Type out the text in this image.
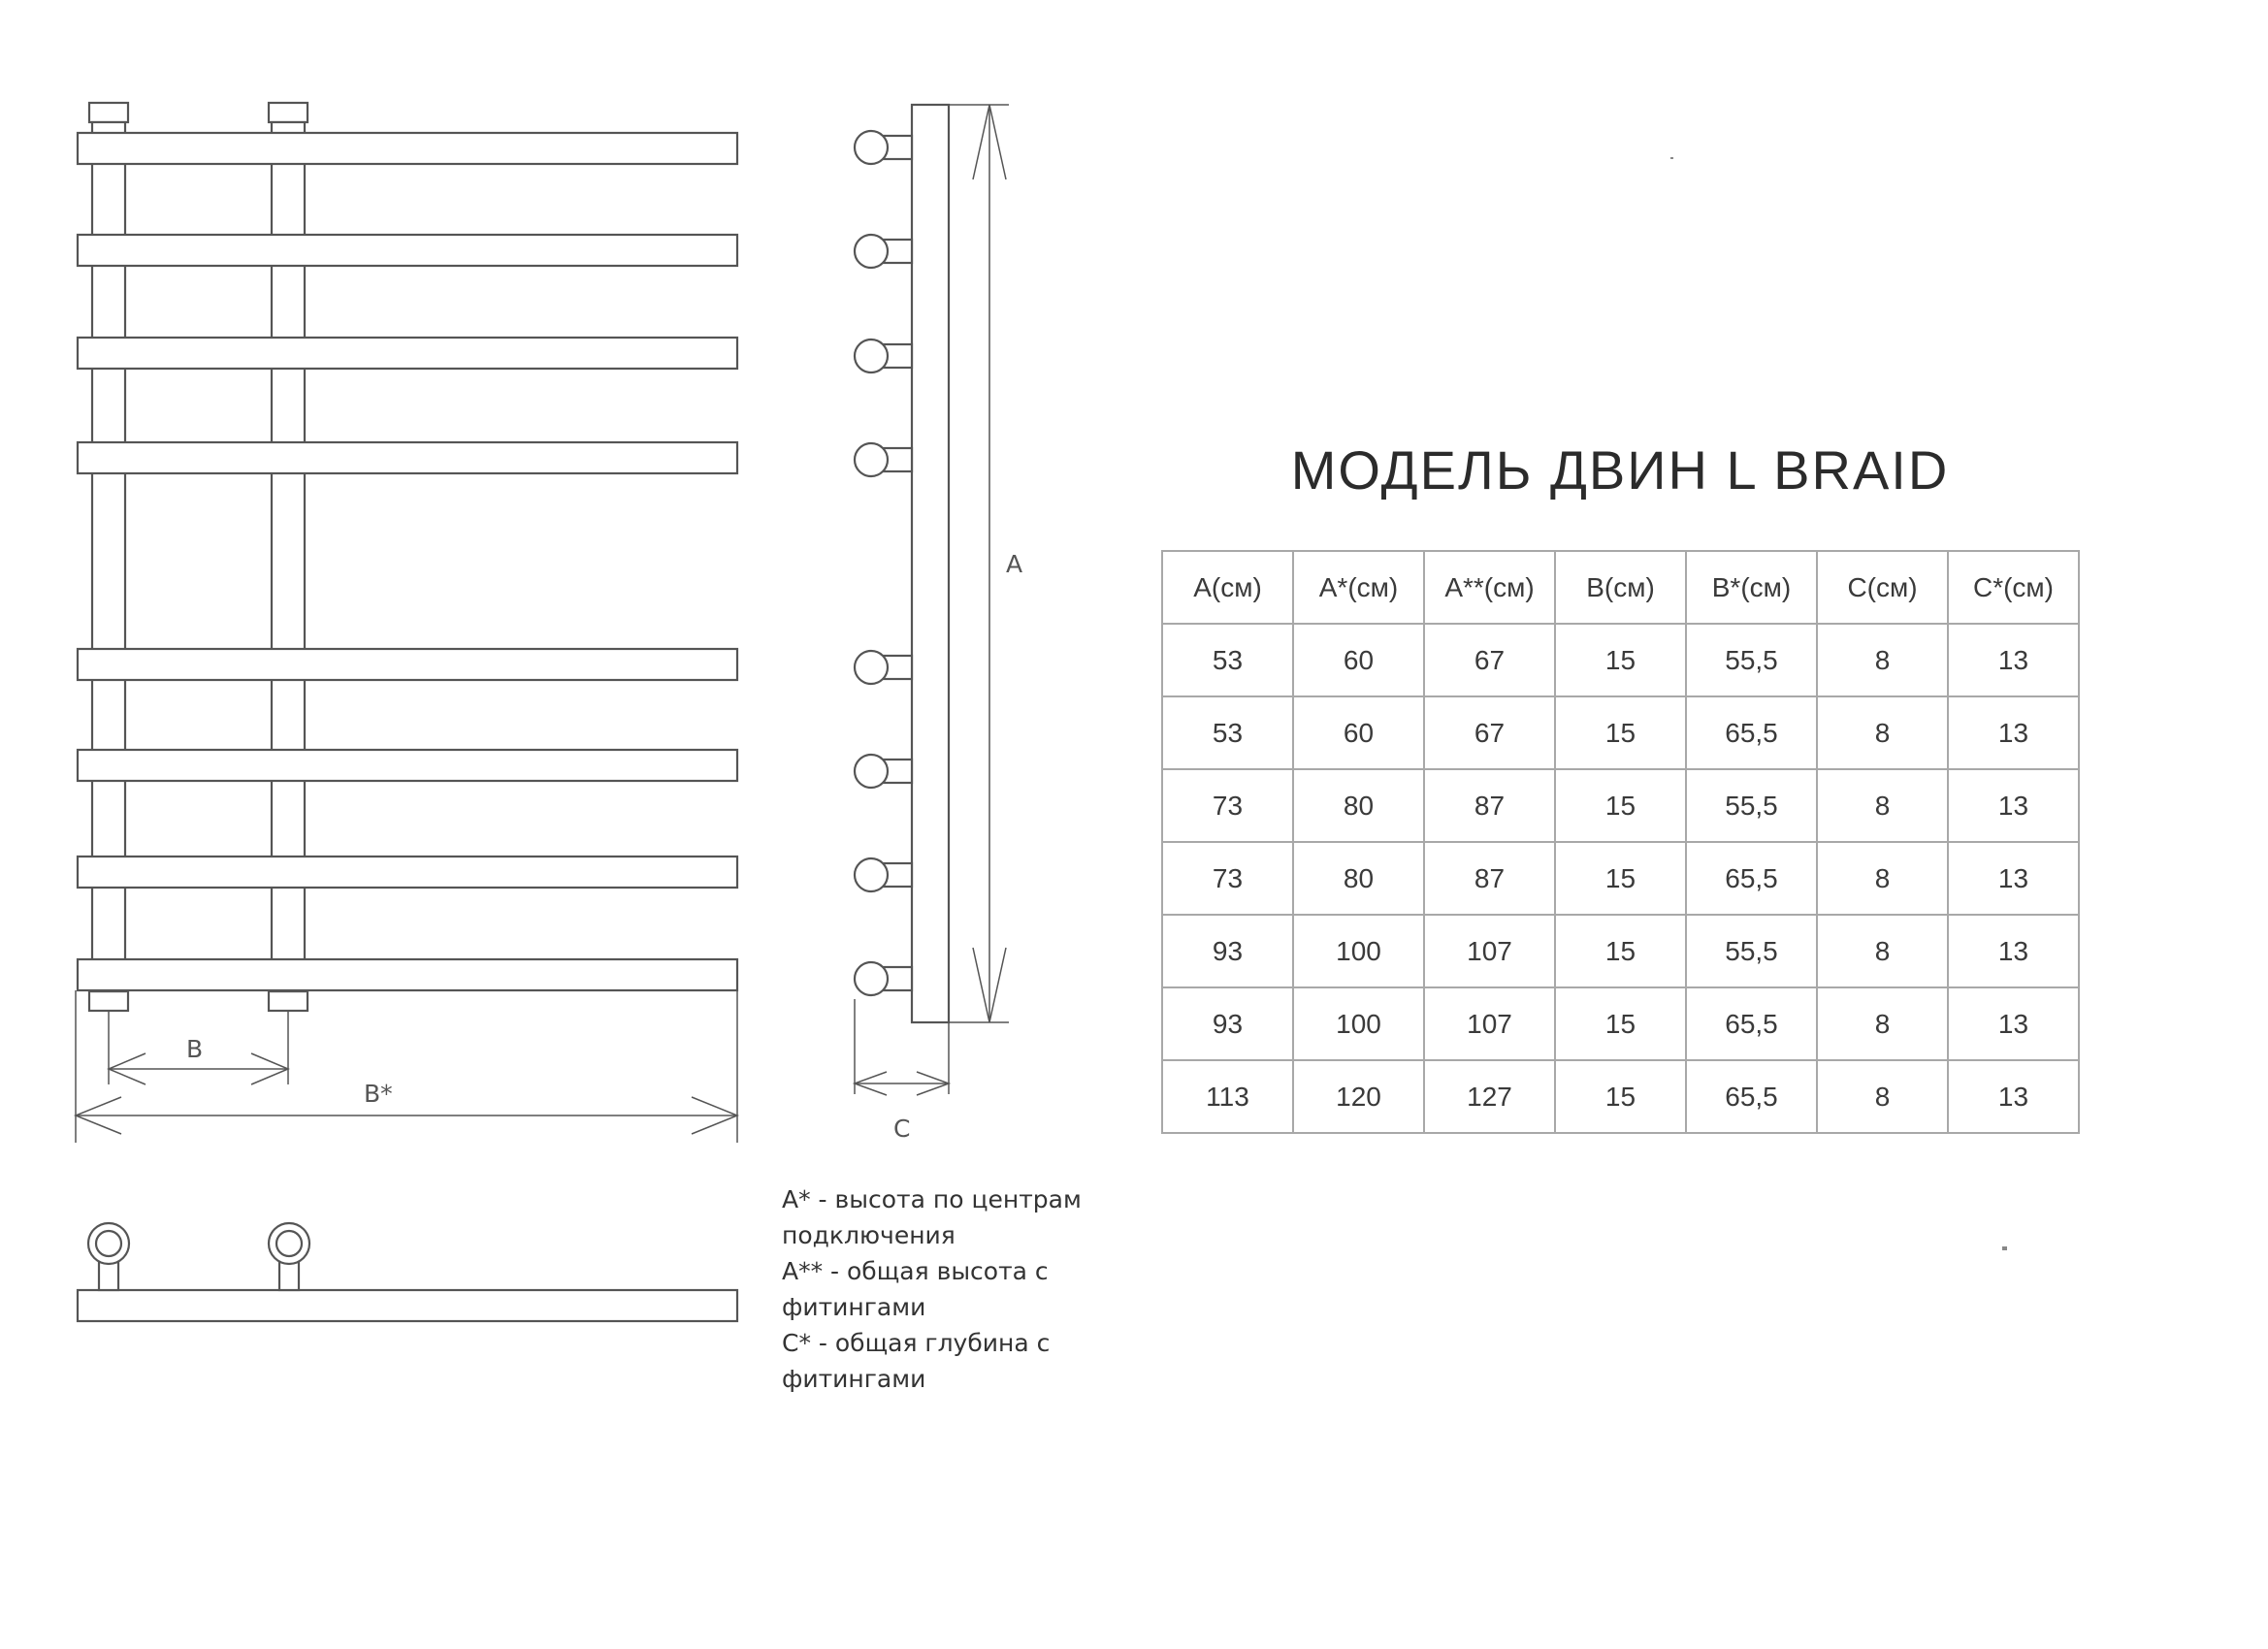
B
B*
A
C
МОДЕЛЬ ДВИН L BRAID
A(см)	A*(см)	A**(см)	B(см)	B*(см)	C(см)	C*(см)
53	60	67	15	55,5	8	13
53	60	67	15	65,5	8	13
73	80	87	15	55,5	8	13
73	80	87	15	65,5	8	13
93	100	107	15	55,5	8	13
93	100	107	15	65,5	8	13
113	120	127	15	65,5	8	13

A* - высота по центрам

подключения

A** - общая высота с

фитингами

C* - общая глубина с

фитингами
